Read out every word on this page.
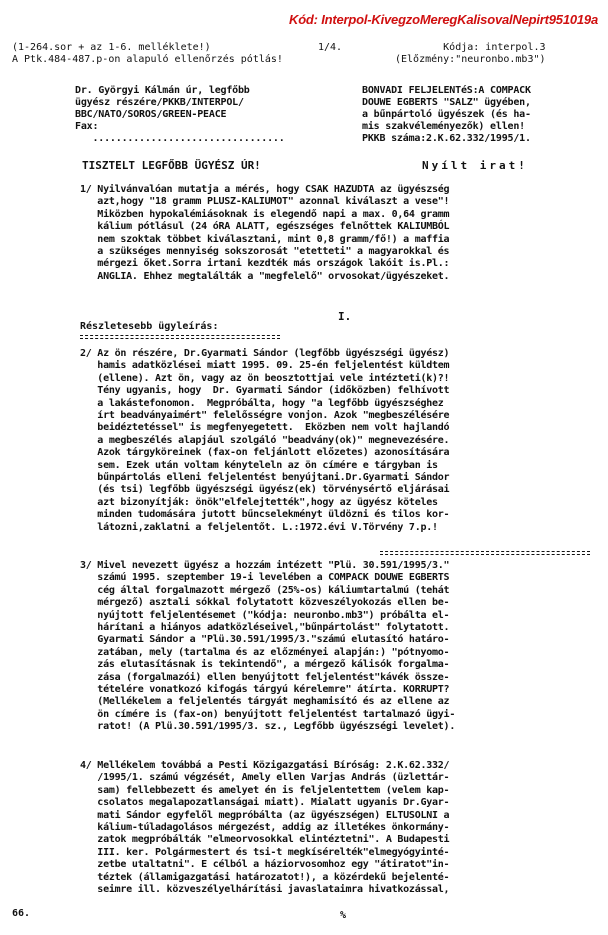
Kód: Interpol-KivegzoMeregKalisovalNepirt951019a
(1-264.sor + az 1-6. melléklete!)
A Ptk.484-487.p-on alapuló ellenőrzés pótlás!
1/4.	Kódja: interpol.3
(Előzmény:"neuronbo.mb3")
Dr. Györgyi Kálmán úr, legfőbb
ügyész részére/PKKB/INTERPOL/
BBC/NATO/SOROS/GREEN-PEACE
Fax:
.................................
BONVADI FELJELENTéS:A COMPACK
DOUWE EGBERTS "SALZ" ügyében,
a bűnpártoló ügyészek (és ha-
mis szakvéleményezők) ellen!
PKKB száma:2.K.62.332/1995/1.
TISZTELT LEGFŐBB ÜGYÉSZ ÚR!	Nyílt irat!
1/ Nyilvánvalóan mutatja a mérés, hogy CSAK HAZUDTA az ügyészség
azt,hogy "18 gramm PLUSZ-KALIUMOT" azonnal kiválaszt a vese"!
Miközben hypokalémiásoknak is elegendő napi a max. 0,64 gramm
kálium pótlásul (24 óRA ALATT, egészséges felnőttek KALIUMBÓL
nem szoktak többet kiválasztani, mint 0,8 gramm/fő!) a maffia
a szükséges mennyiség sokszorosát "etetteti" a magyarokkal és
mérgezi őket.Sorra irtani kezdték más országok lakóit is.Pl.:
ANGLIA. Ehhez megtalálták a "megfelelő" orvosokat/ügyészeket.
I.
Részletesebb ügyleírás:
2/ Az ön részére, Dr.Gyarmati Sándor (legfőbb ügyészségi ügyész)
hamis adatközlései miatt 1995. 09. 25-én feljelentést küldtem
(ellene). Azt ön, vagy az ön beosztottjai vele intézteti(k)?!
Tény ugyanis, hogy  Dr. Gyarmati Sándor (időközben) felhívott
a lakástefonomon.  Megpróbálta, hogy "a legfőbb ügyészséghez
írt beadványaimért" felelősségre vonjon. Azok "megbeszélésére
beidéztetéssel" is megfenyegetett.  Eközben nem volt hajlandó
a megbeszélés alapjául szolgáló "beadvány(ok)" megnevezésére.
Azok tárgyköreinek (fax-on feljánlott előzetes) azonosítására
sem. Ezek után voltam kényteleln az ön címére e tárgyban is
bűnpártolás elleni feljelentést benyújtani.Dr.Gyarmati Sándor
(és tsi) legfőbb ügyészségi ügyész(ek) törvénysértő eljárásai
azt bizonyítják: önök"elfelejtették",hogy az ügyész köteles
minden tudomására jutott bűncselekményt üldözni és tilos kor-
látozni,zaklatni a feljelentőt. L.:1972.évi V.Törvény 7.p.!
3/ Mivel nevezett ügyész a hozzám intézett "Plü. 30.591/1995/3."
számú 1995. szeptember 19-i levelében a COMPACK DOUWE EGBERTS
cég által forgalmazott mérgező (25%-os) káliumtartalmú (tehát
mérgező) asztali sókkal folytatott közveszélyokozás ellen be-
nyújtott feljelentésemet ("kódja: neuronbo.mb3") próbálta el-
hárítani a hiányos adatközléseivel,"bűnpártolást" folytatott.
Gyarmati Sándor a "Plü.30.591/1995/3."számú elutasító határo-
zatában, mely (tartalma és az előzményei alapján:) "pótnyomo-
zás elutasításnak is tekintendő", a mérgező kálisók forgalma-
zása (forgalmazói) ellen benyújtott feljelentést"kávék össze-
tételére vonatkozó kifogás tárgyú kérelemre" átírta. KORRUPT?
(Mellékelem a feljelentés tárgyát meghamisító és az ellene az
ön címére is (fax-on) benyújtott feljelentést tartalmazó ügyi-
ratot! (A Plü.30.591/1995/3. sz., Legfőbb ügyészségi levelet).
4/ Mellékelem továbbá a Pesti Közigazgatási Bíróság: 2.K.62.332/
/1995/1. számú végzését, Amely ellen Varjas András (üzlettár-
sam) fellebbezett és amelyet én is feljelentettem (velem kap-
csolatos megalapozatlanságai miatt). Mialatt ugyanis Dr.Gyar-
mati Sándor egyfelől megpróbálta (az ügyészségen) ELTUSOLNI a
kálium-túladagolásos mérgezést, addig az illetékes önkormány-
zatok megpróbálták "elmeorvosokkal elintéztetni". A Budapesti
III. ker. Polgármestert és tsi-t megkísérelték"elmegyógyinté-
zetbe utaltatni". E célból a háziorvosomhoz egy "átiratot"in-
téztek (államigazgatási határozatot!), a közérdekű bejelenté-
seimre ill. közveszélyelhárítási javaslataimra hivatkozással,
66.	%
